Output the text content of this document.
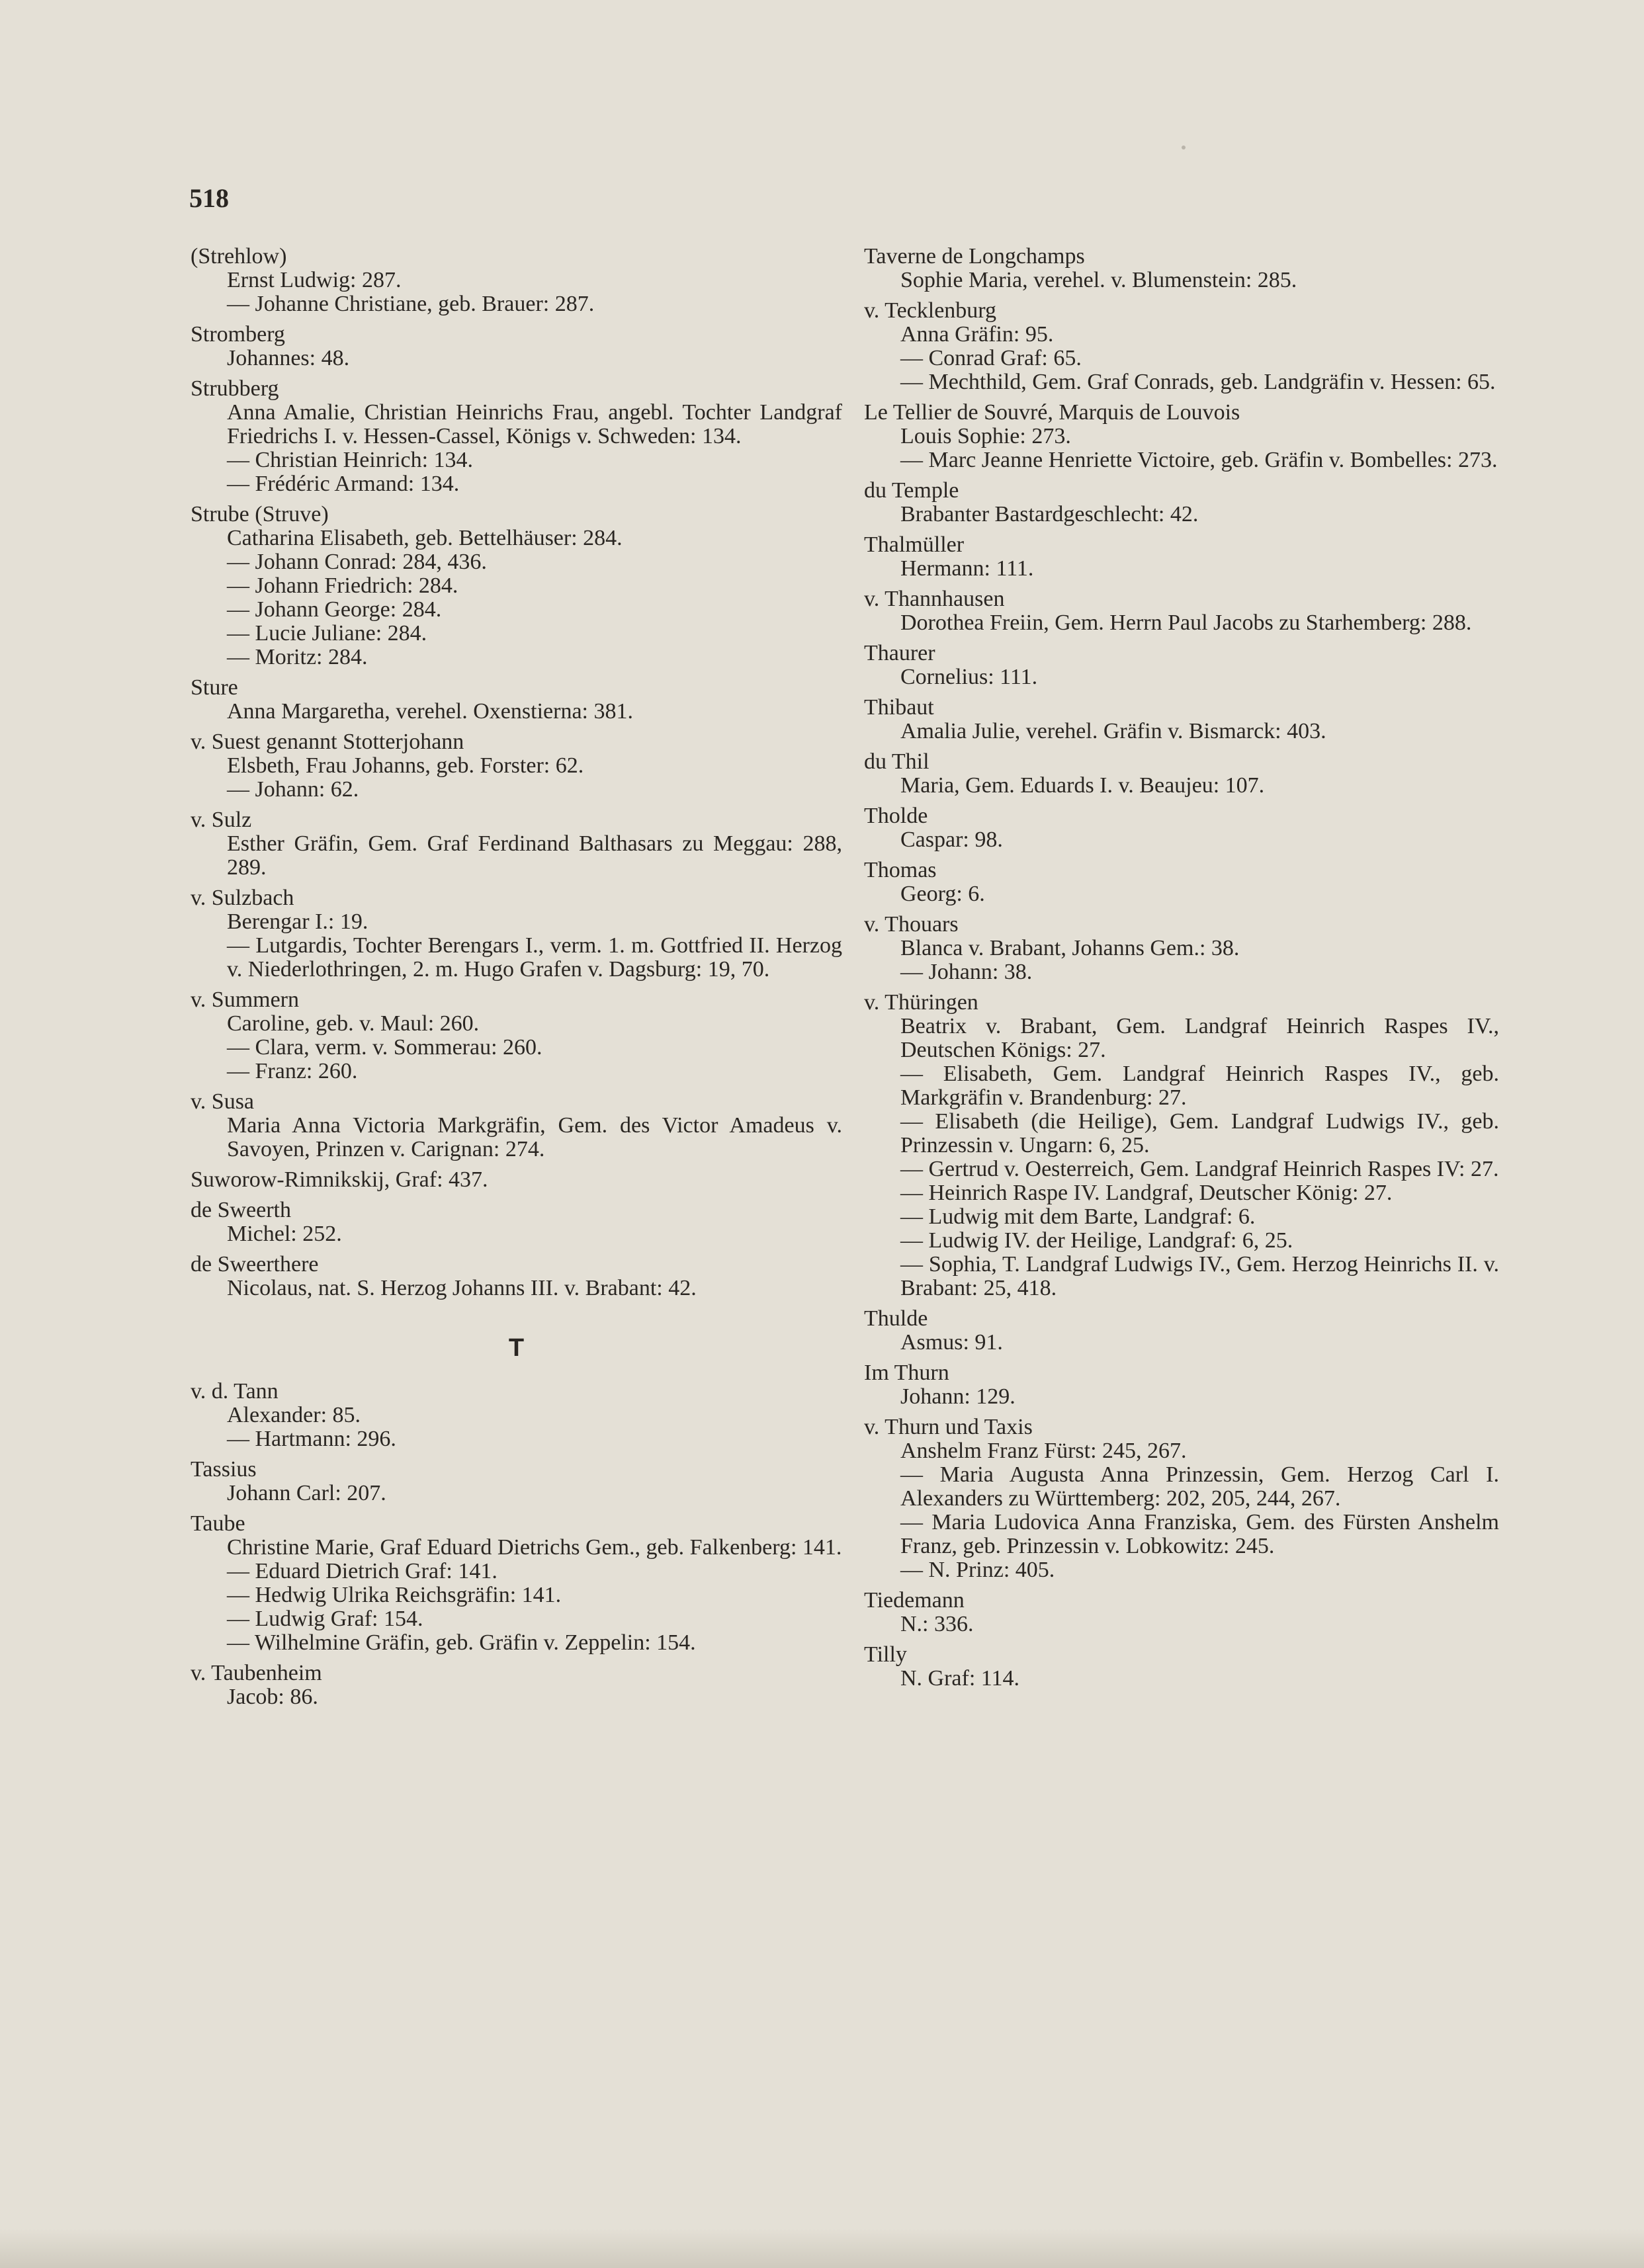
518
(Strehlow)
Ernst Ludwig: 287.
— Johanne Christiane, geb. Brauer: 287.
Stromberg
Johannes: 48.
Strubberg
Anna Amalie, Christian Heinrichs Frau, angebl. Tochter Landgraf Friedrichs I. v. Hessen-Cassel, Königs v. Schweden: 134.
— Christian Heinrich: 134.
— Frédéric Armand: 134.
Strube (Struve)
Catharina Elisabeth, geb. Bettelhäuser: 284.
— Johann Conrad: 284, 436.
— Johann Friedrich: 284.
— Johann George: 284.
— Lucie Juliane: 284.
— Moritz: 284.
Sture
Anna Margaretha, verehel. Oxenstierna: 381.
v. Suest genannt Stotterjohann
Elsbeth, Frau Johanns, geb. Forster: 62.
— Johann: 62.
v. Sulz
Esther Gräfin, Gem. Graf Ferdinand Balthasars zu Meggau: 288, 289.
v. Sulzbach
Berengar I.: 19.
— Lutgardis, Tochter Berengars I., verm. 1. m. Gottfried II. Herzog v. Niederlothringen, 2. m. Hugo Grafen v. Dagsburg: 19, 70.
v. Summern
Caroline, geb. v. Maul: 260.
— Clara, verm. v. Sommerau: 260.
— Franz: 260.
v. Susa
Maria Anna Victoria Markgräfin, Gem. des Victor Amadeus v. Savoyen, Prinzen v. Carignan: 274.
Suworow-Rimnikskij, Graf: 437.
de Sweerth
Michel: 252.
de Sweerthere
Nicolaus, nat. S. Herzog Johanns III. v. Brabant: 42.
T
v. d. Tann
Alexander: 85.
— Hartmann: 296.
Tassius
Johann Carl: 207.
Taube
Christine Marie, Graf Eduard Dietrichs Gem., geb. Falkenberg: 141.
— Eduard Dietrich Graf: 141.
— Hedwig Ulrika Reichsgräfin: 141.
— Ludwig Graf: 154.
— Wilhelmine Gräfin, geb. Gräfin v. Zeppelin: 154.
v. Taubenheim
Jacob: 86.
Taverne de Longchamps
Sophie Maria, verehel. v. Blumenstein: 285.
v. Tecklenburg
Anna Gräfin: 95.
— Conrad Graf: 65.
— Mechthild, Gem. Graf Conrads, geb. Landgräfin v. Hessen: 65.
Le Tellier de Souvré, Marquis de Louvois
Louis Sophie: 273.
— Marc Jeanne Henriette Victoire, geb. Gräfin v. Bombelles: 273.
du Temple
Brabanter Bastardgeschlecht: 42.
Thalmüller
Hermann: 111.
v. Thannhausen
Dorothea Freiin, Gem. Herrn Paul Jacobs zu Starhemberg: 288.
Thaurer
Cornelius: 111.
Thibaut
Amalia Julie, verehel. Gräfin v. Bismarck: 403.
du Thil
Maria, Gem. Eduards I. v. Beaujeu: 107.
Tholde
Caspar: 98.
Thomas
Georg: 6.
v. Thouars
Blanca v. Brabant, Johanns Gem.: 38.
— Johann: 38.
v. Thüringen
Beatrix v. Brabant, Gem. Landgraf Heinrich Raspes IV., Deutschen Königs: 27.
— Elisabeth, Gem. Landgraf Heinrich Raspes IV., geb. Markgräfin v. Brandenburg: 27.
— Elisabeth (die Heilige), Gem. Landgraf Ludwigs IV., geb. Prinzessin v. Ungarn: 6, 25.
— Gertrud v. Oesterreich, Gem. Landgraf Heinrich Raspes IV: 27.
— Heinrich Raspe IV. Landgraf, Deutscher König: 27.
— Ludwig mit dem Barte, Landgraf: 6.
— Ludwig IV. der Heilige, Landgraf: 6, 25.
— Sophia, T. Landgraf Ludwigs IV., Gem. Herzog Heinrichs II. v. Brabant: 25, 418.
Thulde
Asmus: 91.
Im Thurn
Johann: 129.
v. Thurn und Taxis
Anshelm Franz Fürst: 245, 267.
— Maria Augusta Anna Prinzessin, Gem. Herzog Carl I. Alexanders zu Württemberg: 202, 205, 244, 267.
— Maria Ludovica Anna Franziska, Gem. des Fürsten Anshelm Franz, geb. Prinzessin v. Lobkowitz: 245.
— N. Prinz: 405.
Tiedemann
N.: 336.
Tilly
N. Graf: 114.
